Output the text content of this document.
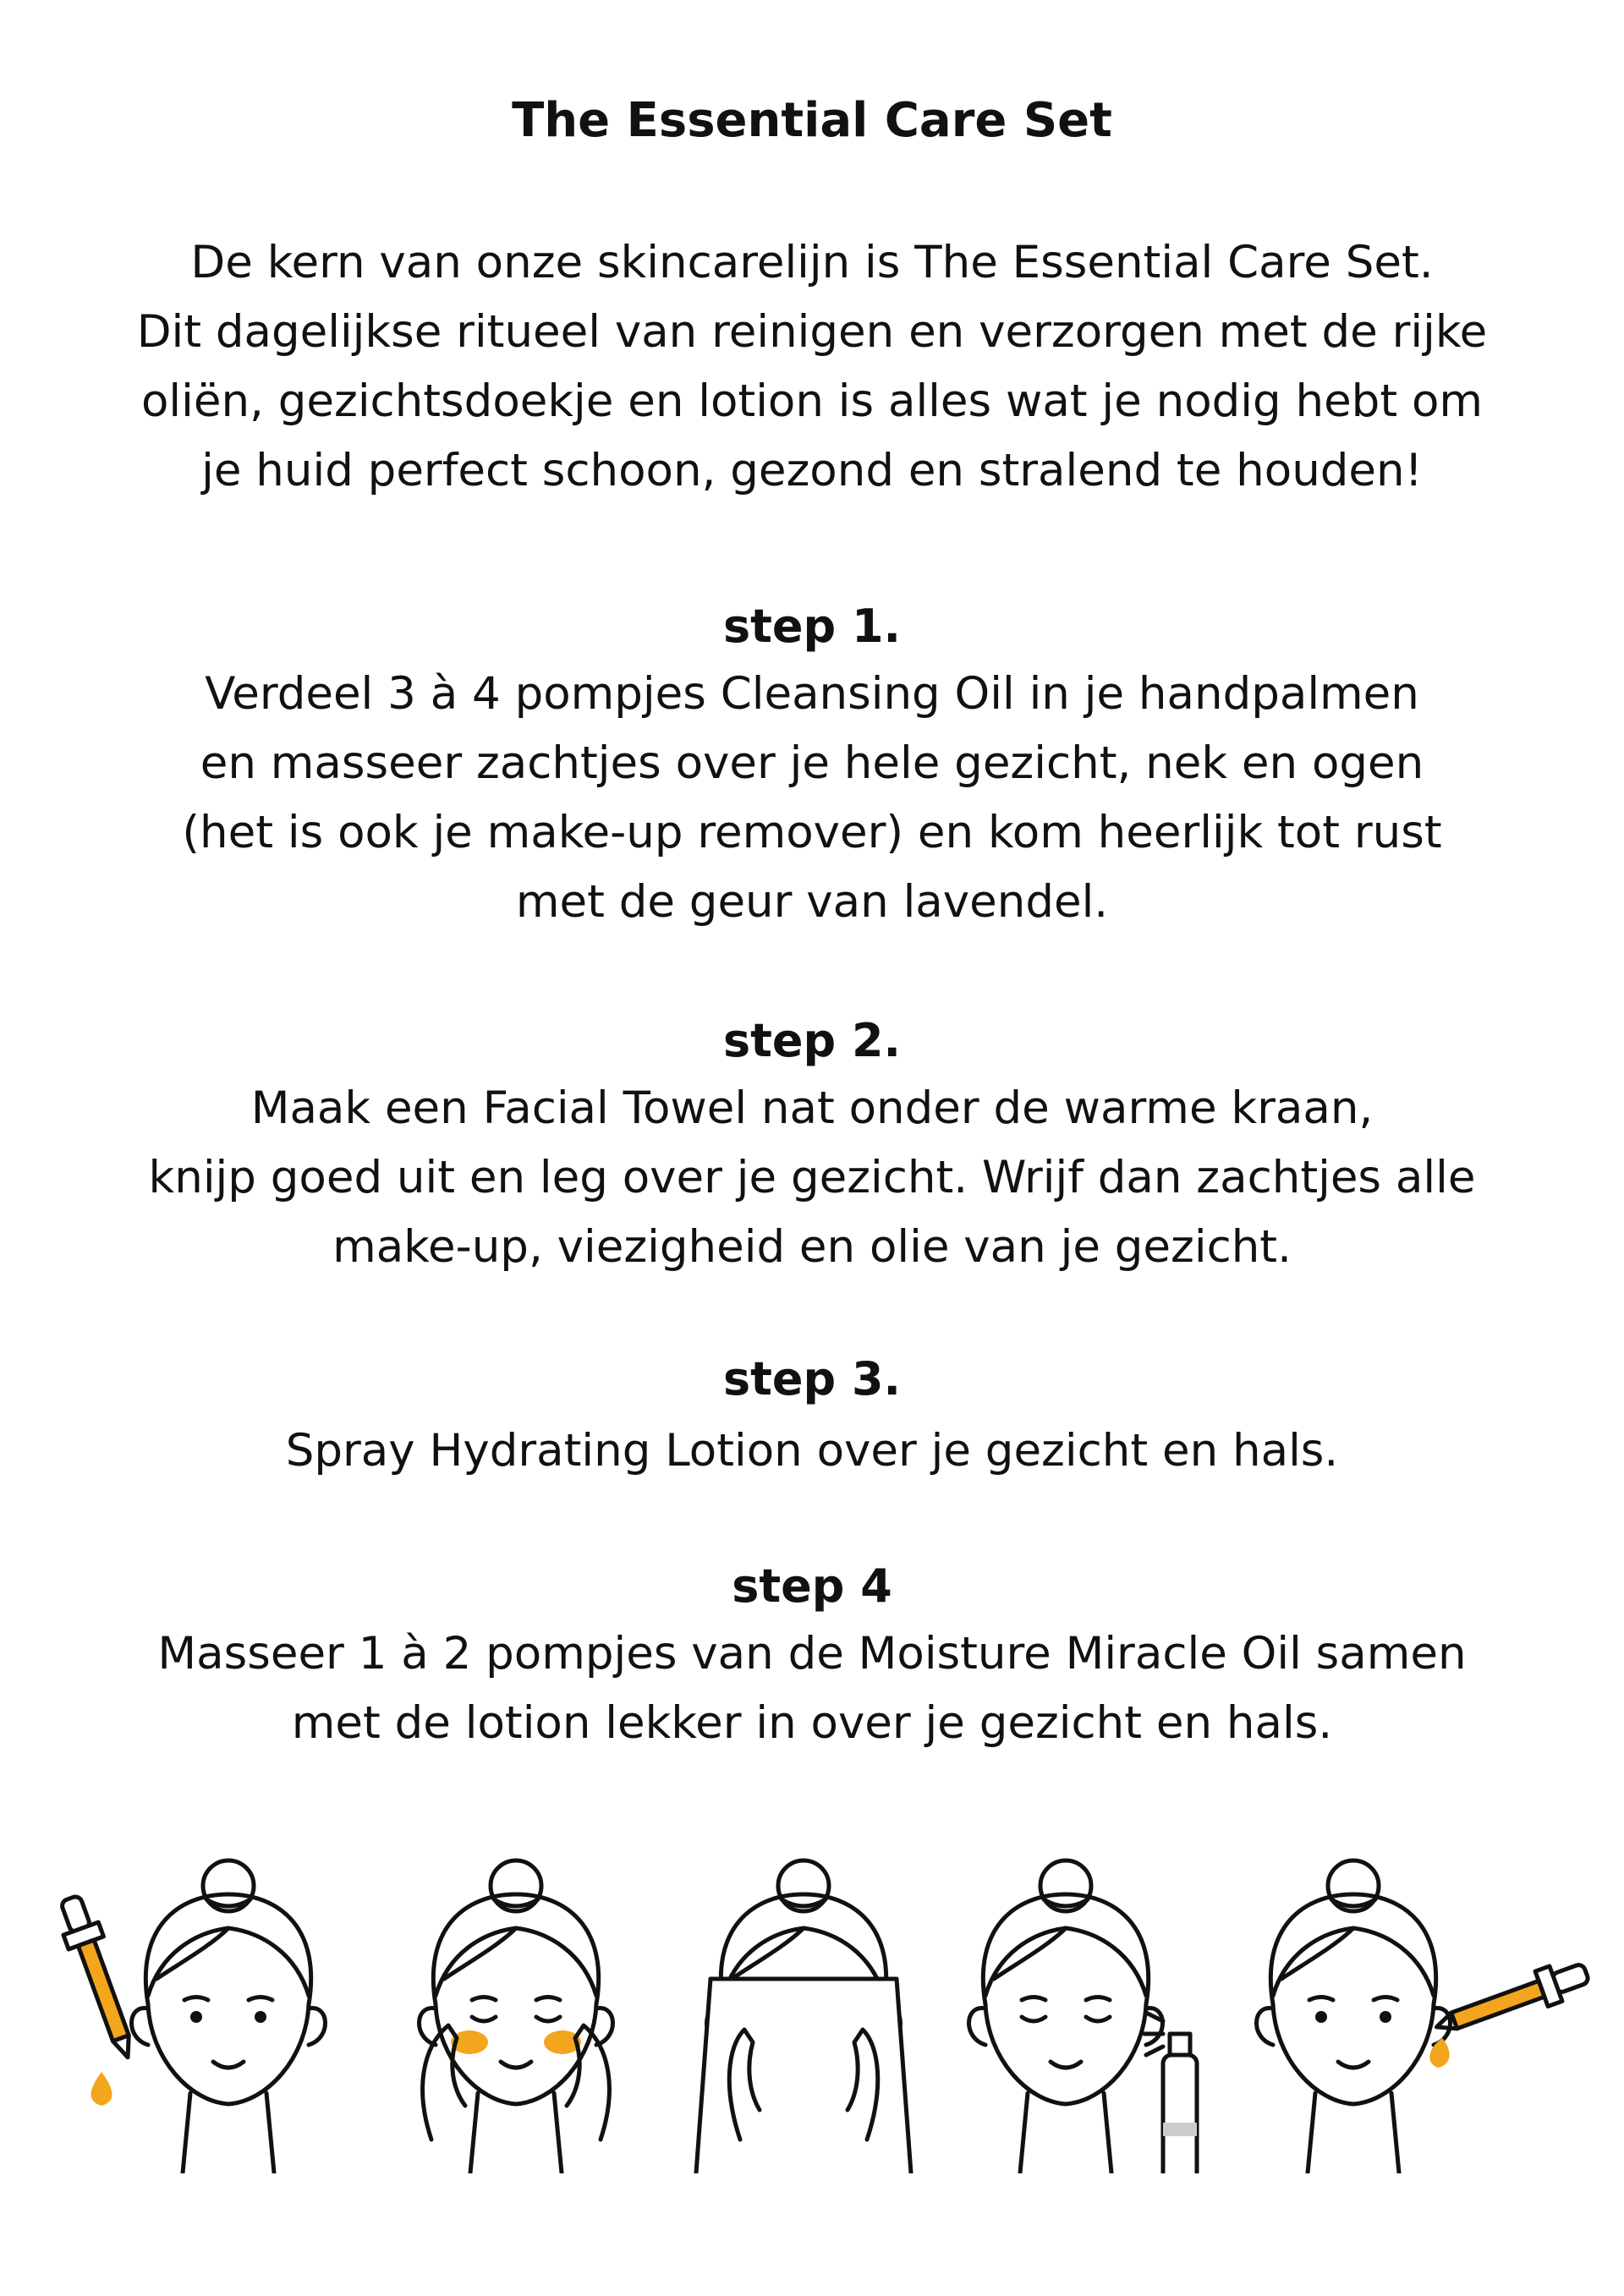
The Essential Care Set

De kern van onze skincarelijn is The Essential Care Set.
Dit dagelijkse ritueel van reinigen en verzorgen met de rijke
oliën, gezichtsdoekje en lotion is alles wat je nodig hebt om
je huid perfect schoon, gezond en stralend te houden!

step 1.

Verdeel 3 à 4 pompjes Cleansing Oil in je handpalmen
en masseer zachtjes over je hele gezicht, nek en ogen
(het is ook je make-up remover) en kom heerlijk tot rust
met de geur van lavendel.

step 2.

Maak een Facial Towel nat onder de warme kraan,
knijp goed uit en leg over je gezicht. Wrijf dan zachtjes alle
make-up, viezigheid en olie van je gezicht.

step 3.

Spray Hydrating Lotion over je gezicht en hals.

step 4

Masseer 1 à 2 pompjes van de Moisture Miracle Oil samen
met de lotion lekker in over je gezicht en hals.
